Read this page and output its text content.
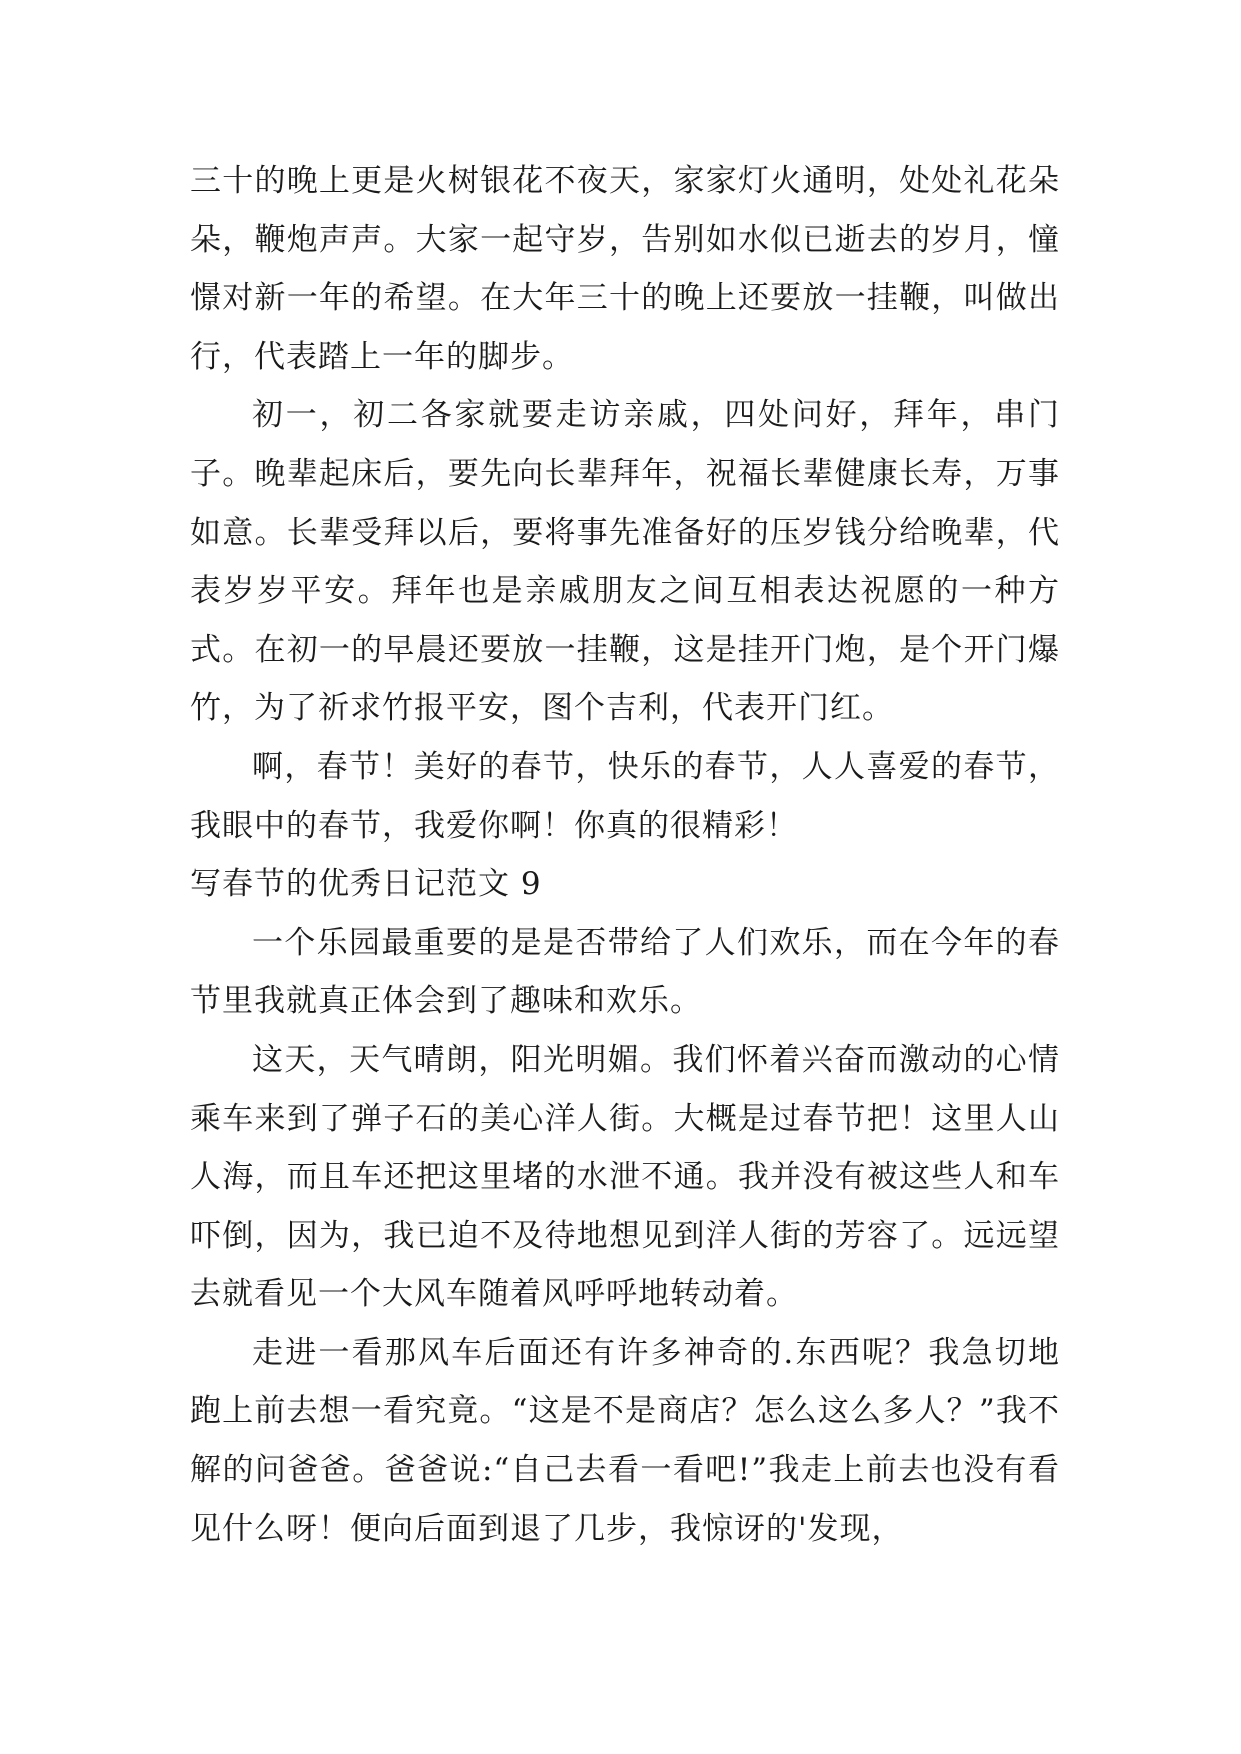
三十的晚上更是火树银花不夜天，家家灯火通明，处处礼花朵朵，鞭炮声声。大家一起守岁，告别如水似已逝去的岁月，憧憬对新一年的希望。在大年三十的晚上还要放一挂鞭，叫做出行，代表踏上一年的脚步。

初一，初二各家就要走访亲戚，四处问好，拜年，串门子。晚辈起床后，要先向长辈拜年，祝福长辈健康长寿，万事如意。长辈受拜以后，要将事先准备好的压岁钱分给晚辈，代表岁岁平安。拜年也是亲戚朋友之间互相表达祝愿的一种方式。在初一的早晨还要放一挂鞭，这是挂开门炮，是个开门爆竹，为了祈求竹报平安，图个吉利，代表开门红。

啊，春节！美好的春节，快乐的春节，人人喜爱的春节，我眼中的春节，我爱你啊！你真的很精彩！

写春节的优秀日记范文 9

一个乐园最重要的是是否带给了人们欢乐，而在今年的春节里我就真正体会到了趣味和欢乐。

这天，天气晴朗，阳光明媚。我们怀着兴奋而激动的心情乘车来到了弹子石的美心洋人街。大概是过春节把！这里人山人海，而且车还把这里堵的水泄不通。我并没有被这些人和车吓倒，因为，我已迫不及待地想见到洋人街的芳容了。远远望去就看见一个大风车随着风呼呼地转动着。

走进一看那风车后面还有许多神奇的.东西呢？我急切地跑上前去想一看究竟。“这是不是商店？怎么这么多人？”我不解的问爸爸。爸爸说:“自己去看一看吧!”我走上前去也没有看见什么呀！便向后面到退了几步，我惊讶的'发现，
